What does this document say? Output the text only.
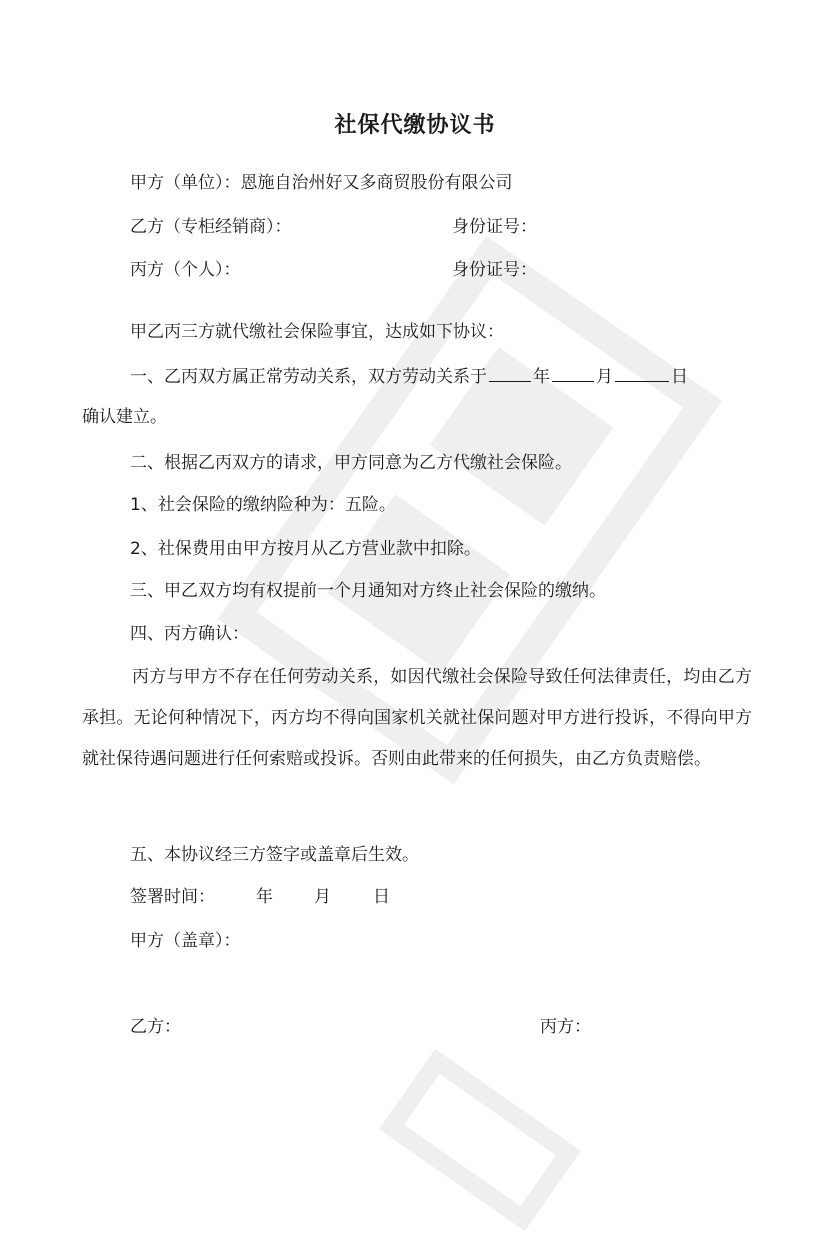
社保代缴协议书
甲方（单位）：恩施自治州好又多商贸股份有限公司
乙方（专柜经销商）：	身份证号：
丙方（个人）：	身份证号：
甲乙丙三方就代缴社会保险事宜，达成如下协议：
一、乙丙双方属正常劳动关系，双方劳动关系于	年	月	日
确认建立。
二、根据乙丙双方的请求，甲方同意为乙方代缴社会保险。
1、社会保险的缴纳险种为：五险。
2、社保费用由甲方按月从乙方营业款中扣除。
三、甲乙双方均有权提前一个月通知对方终止社会保险的缴纳。
四、丙方确认：
丙方与甲方不存在任何劳动关系，如因代缴社会保险导致任何法律责任，均由乙方承担。无论何种情况下，丙方均不得向国家机关就社保问题对甲方进行投诉，不得向甲方就社保待遇问题进行任何索赔或投诉。否则由此带来的任何损失，由乙方负责赔偿。
五、本协议经三方签字或盖章后生效。
签署时间： 年 月 日
甲方（盖章）：
乙方：	丙方：
